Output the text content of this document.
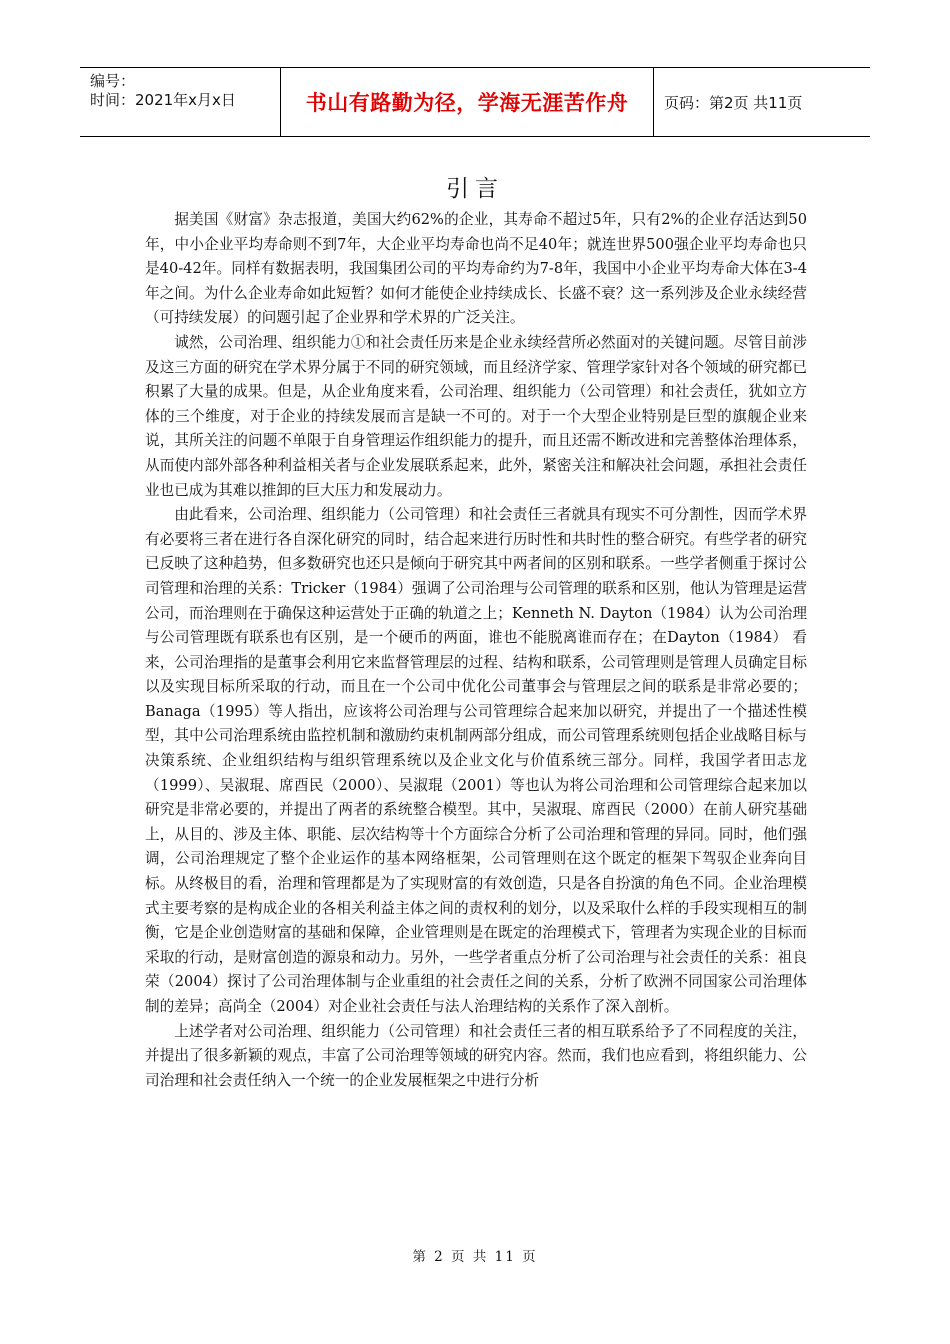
编号：
时间：2021年x月x日	书山有路勤为径，学海无涯苦作舟	页码：第2页 共11页
引言

据美国《财富》杂志报道，美国大约62%的企业，其寿命不超过5年，只有2%的企业存活达到50年，中小企业平均寿命则不到7年，大企业平均寿命也尚不足40年；就连世界500强企业平均寿命也只是40-42年。同样有数据表明，我国集团公司的平均寿命约为7-8年，我国中小企业平均寿命大体在3-4年之间。为什么企业寿命如此短暂？如何才能使企业持续成长、长盛不衰？这一系列涉及企业永续经营（可持续发展）的问题引起了企业界和学术界的广泛关注。

诚然，公司治理、组织能力①和社会责任历来是企业永续经营所必然面对的关键问题。尽管目前涉及这三方面的研究在学术界分属于不同的研究领域，而且经济学家、管理学家针对各个领域的研究都已积累了大量的成果。但是，从企业角度来看，公司治理、组织能力（公司管理）和社会责任，犹如立方体的三个维度，对于企业的持续发展而言是缺一不可的。对于一个大型企业特别是巨型的旗舰企业来说，其所关注的问题不单限于自身管理运作组织能力的提升，而且还需不断改进和完善整体治理体系，从而使内部外部各种利益相关者与企业发展联系起来，此外，紧密关注和解决社会问题，承担社会责任业也已成为其难以推卸的巨大压力和发展动力。

由此看来，公司治理、组织能力（公司管理）和社会责任三者就具有现实不可分割性，因而学术界有必要将三者在进行各自深化研究的同时，结合起来进行历时性和共时性的整合研究。有些学者的研究已反映了这种趋势，但多数研究也还只是倾向于研究其中两者间的区别和联系。一些学者侧重于探讨公司管理和治理的关系：Tricker（1984）强调了公司治理与公司管理的联系和区别，他认为管理是运营公司，而治理则在于确保这种运营处于正确的轨道之上；Kenneth N. Dayton（1984）认为公司治理与公司管理既有联系也有区别，是一个硬币的两面，谁也不能脱离谁而存在；在Dayton（1984） 看来，公司治理指的是董事会利用它来监督管理层的过程、结构和联系，公司管理则是管理人员确定目标以及实现目标所采取的行动，而且在一个公司中优化公司董事会与管理层之间的联系是非常必要的；Banaga（1995）等人指出，应该将公司治理与公司管理综合起来加以研究，并提出了一个描述性模型，其中公司治理系统由监控机制和激励约束机制两部分组成，而公司管理系统则包括企业战略目标与决策系统、企业组织结构与组织管理系统以及企业文化与价值系统三部分。同样，我国学者田志龙（1999）、吴淑琨、席酉民（2000）、吴淑琨（2001）等也认为将公司治理和公司管理综合起来加以研究是非常必要的，并提出了两者的系统整合模型。其中，吴淑琨、席酉民（2000）在前人研究基础上，从目的、涉及主体、职能、层次结构等十个方面综合分析了公司治理和管理的异同。同时，他们强调，公司治理规定了整个企业运作的基本网络框架，公司管理则在这个既定的框架下驾驭企业奔向目标。从终极目的看，治理和管理都是为了实现财富的有效创造，只是各自扮演的角色不同。企业治理模式主要考察的是构成企业的各相关利益主体之间的责权利的划分，以及采取什么样的手段实现相互的制衡，它是企业创造财富的基础和保障，企业管理则是在既定的治理模式下，管理者为实现企业的目标而采取的行动，是财富创造的源泉和动力。另外，一些学者重点分析了公司治理与社会责任的关系：祖良荣（2004）探讨了公司治理体制与企业重组的社会责任之间的关系，分析了欧洲不同国家公司治理体制的差异；高尚全（2004）对企业社会责任与法人治理结构的关系作了深入剖析。

上述学者对公司治理、组织能力（公司管理）和社会责任三者的相互联系给予了不同程度的关注，并提出了很多新颖的观点，丰富了公司治理等领域的研究内容。然而，我们也应看到，将组织能力、公司治理和社会责任纳入一个统一的企业发展框架之中进行分析

第 2 页 共 11 页
